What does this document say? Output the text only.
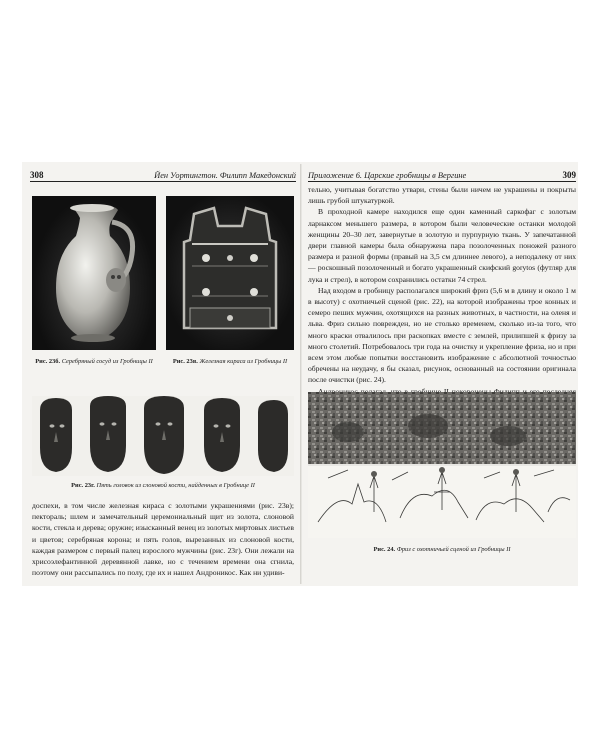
308	Йен Уортингтон. Филипп Македонский
Рис. 23б. Серебряный сосуд из Гробницы II	Рис. 23в. Железная кираса из Гробницы II
Рис. 23г. Пять головок из слоновой кости, найденных в Гробнице II

доспехи, в том числе железная кираса с золотыми украшениями (рис. 23в); пектораль; шлем и замечательный церемониальный щит из золота, слоновой кости, стекла и дерева; оружие; изысканный венец из золотых миртовых листьев и цветов; серебряная корона; и пять голов, вырезанных из слоновой кости, каждая размером с первый палец взрослого мужчины (рис. 23г). Они лежали на хрисоэлефантинной деревянной лавке, но с течением времени она сгнила, поэтому они рассыпались по полу, где их и нашел Андроникос. Как ни удиви-

Приложение 6. Царские гробницы в Вергине	309

тельно, учитывая богатство утвари, стены были ничем не украшены и покрыты лишь грубой штукатуркой.

В проходной камере находился еще один каменный саркофаг с золотым ларнаксом меньшего размера, в котором были человеческие останки молодой женщины 20–30 лет, завернутые в золотую и пурпурную ткань. У запечатанной двери главной камеры была обнаружена пара позолоченных поножей разного размера и разной формы (правый на 3,5 см длиннее левого), а неподалеку от них — роскошный позолоченный и богато украшенный скифский gorytos (футляр для лука и стрел), в котором сохранились остатки 74 стрел.

Над входом в гробницу располагался широкий фриз (5,6 м в длину и около 1 м в высоту) с охотничьей сценой (рис. 22), на которой изображены трое конных и семеро пеших мужчин, охотящихся на разных животных, в частности, на оленя и льва. Фриз сильно поврежден, но не столько временем, сколько из-за того, что много краски отвалилось при раскопках вместе с землей, прилипшей к фризу за много столетий. Потребовалось три года на очистку и укрепление фриза, но и при всем этом любые попытки восстановить изображение с абсолютной точностью обречены на неудачу, я бы сказал, рисунок, основанный на состоянии оригинала после очистки (рис. 24).

Рис. 24. Фриз с охотничьей сценой из Гробницы II
